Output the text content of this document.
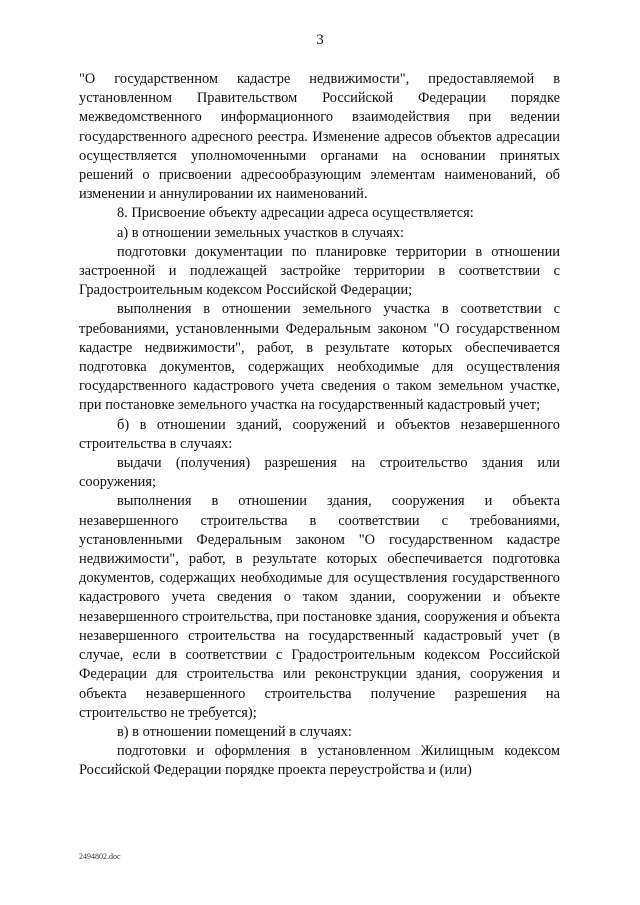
3

"О государственном кадастре недвижимости", предоставляемой в установленном Правительством Российской Федерации порядке межведомственного информационного взаимодействия при ведении государственного адресного реестра. Изменение адресов объектов адресации осуществляется уполномоченными органами на основании принятых решений о присвоении адресообразующим элементам наименований, об изменении и аннулировании их наименований.

8. Присвоение объекту адресации адреса осуществляется:

а) в отношении земельных участков в случаях:

подготовки документации по планировке территории в отношении застроенной и подлежащей застройке территории в соответствии с Градостроительным кодексом Российской Федерации;

выполнения в отношении земельного участка в соответствии с требованиями, установленными Федеральным законом "О государственном кадастре недвижимости", работ, в результате которых обеспечивается подготовка документов, содержащих необходимые для осуществления государственного кадастрового учета сведения о таком земельном участке, при постановке земельного участка на государственный кадастровый учет;

б) в отношении зданий, сооружений и объектов незавершенного строительства в случаях:

выдачи (получения) разрешения на строительство здания или сооружения;

выполнения в отношении здания, сооружения и объекта незавершенного строительства в соответствии с требованиями, установленными Федеральным законом "О государственном кадастре недвижимости", работ, в результате которых обеспечивается подготовка документов, содержащих необходимые для осуществления государственного кадастрового учета сведения о таком здании, сооружении и объекте незавершенного строительства, при постановке здания, сооружения и объекта незавершенного строительства на государственный кадастровый учет (в случае, если в соответствии с Градостроительным кодексом Российской Федерации для строительства или реконструкции здания, сооружения и объекта незавершенного строительства получение разрешения на строительство не требуется);

в) в отношении помещений в случаях:

подготовки и оформления в установленном Жилищным кодексом Российской Федерации порядке проекта переустройства и (или)

2494802.doc
